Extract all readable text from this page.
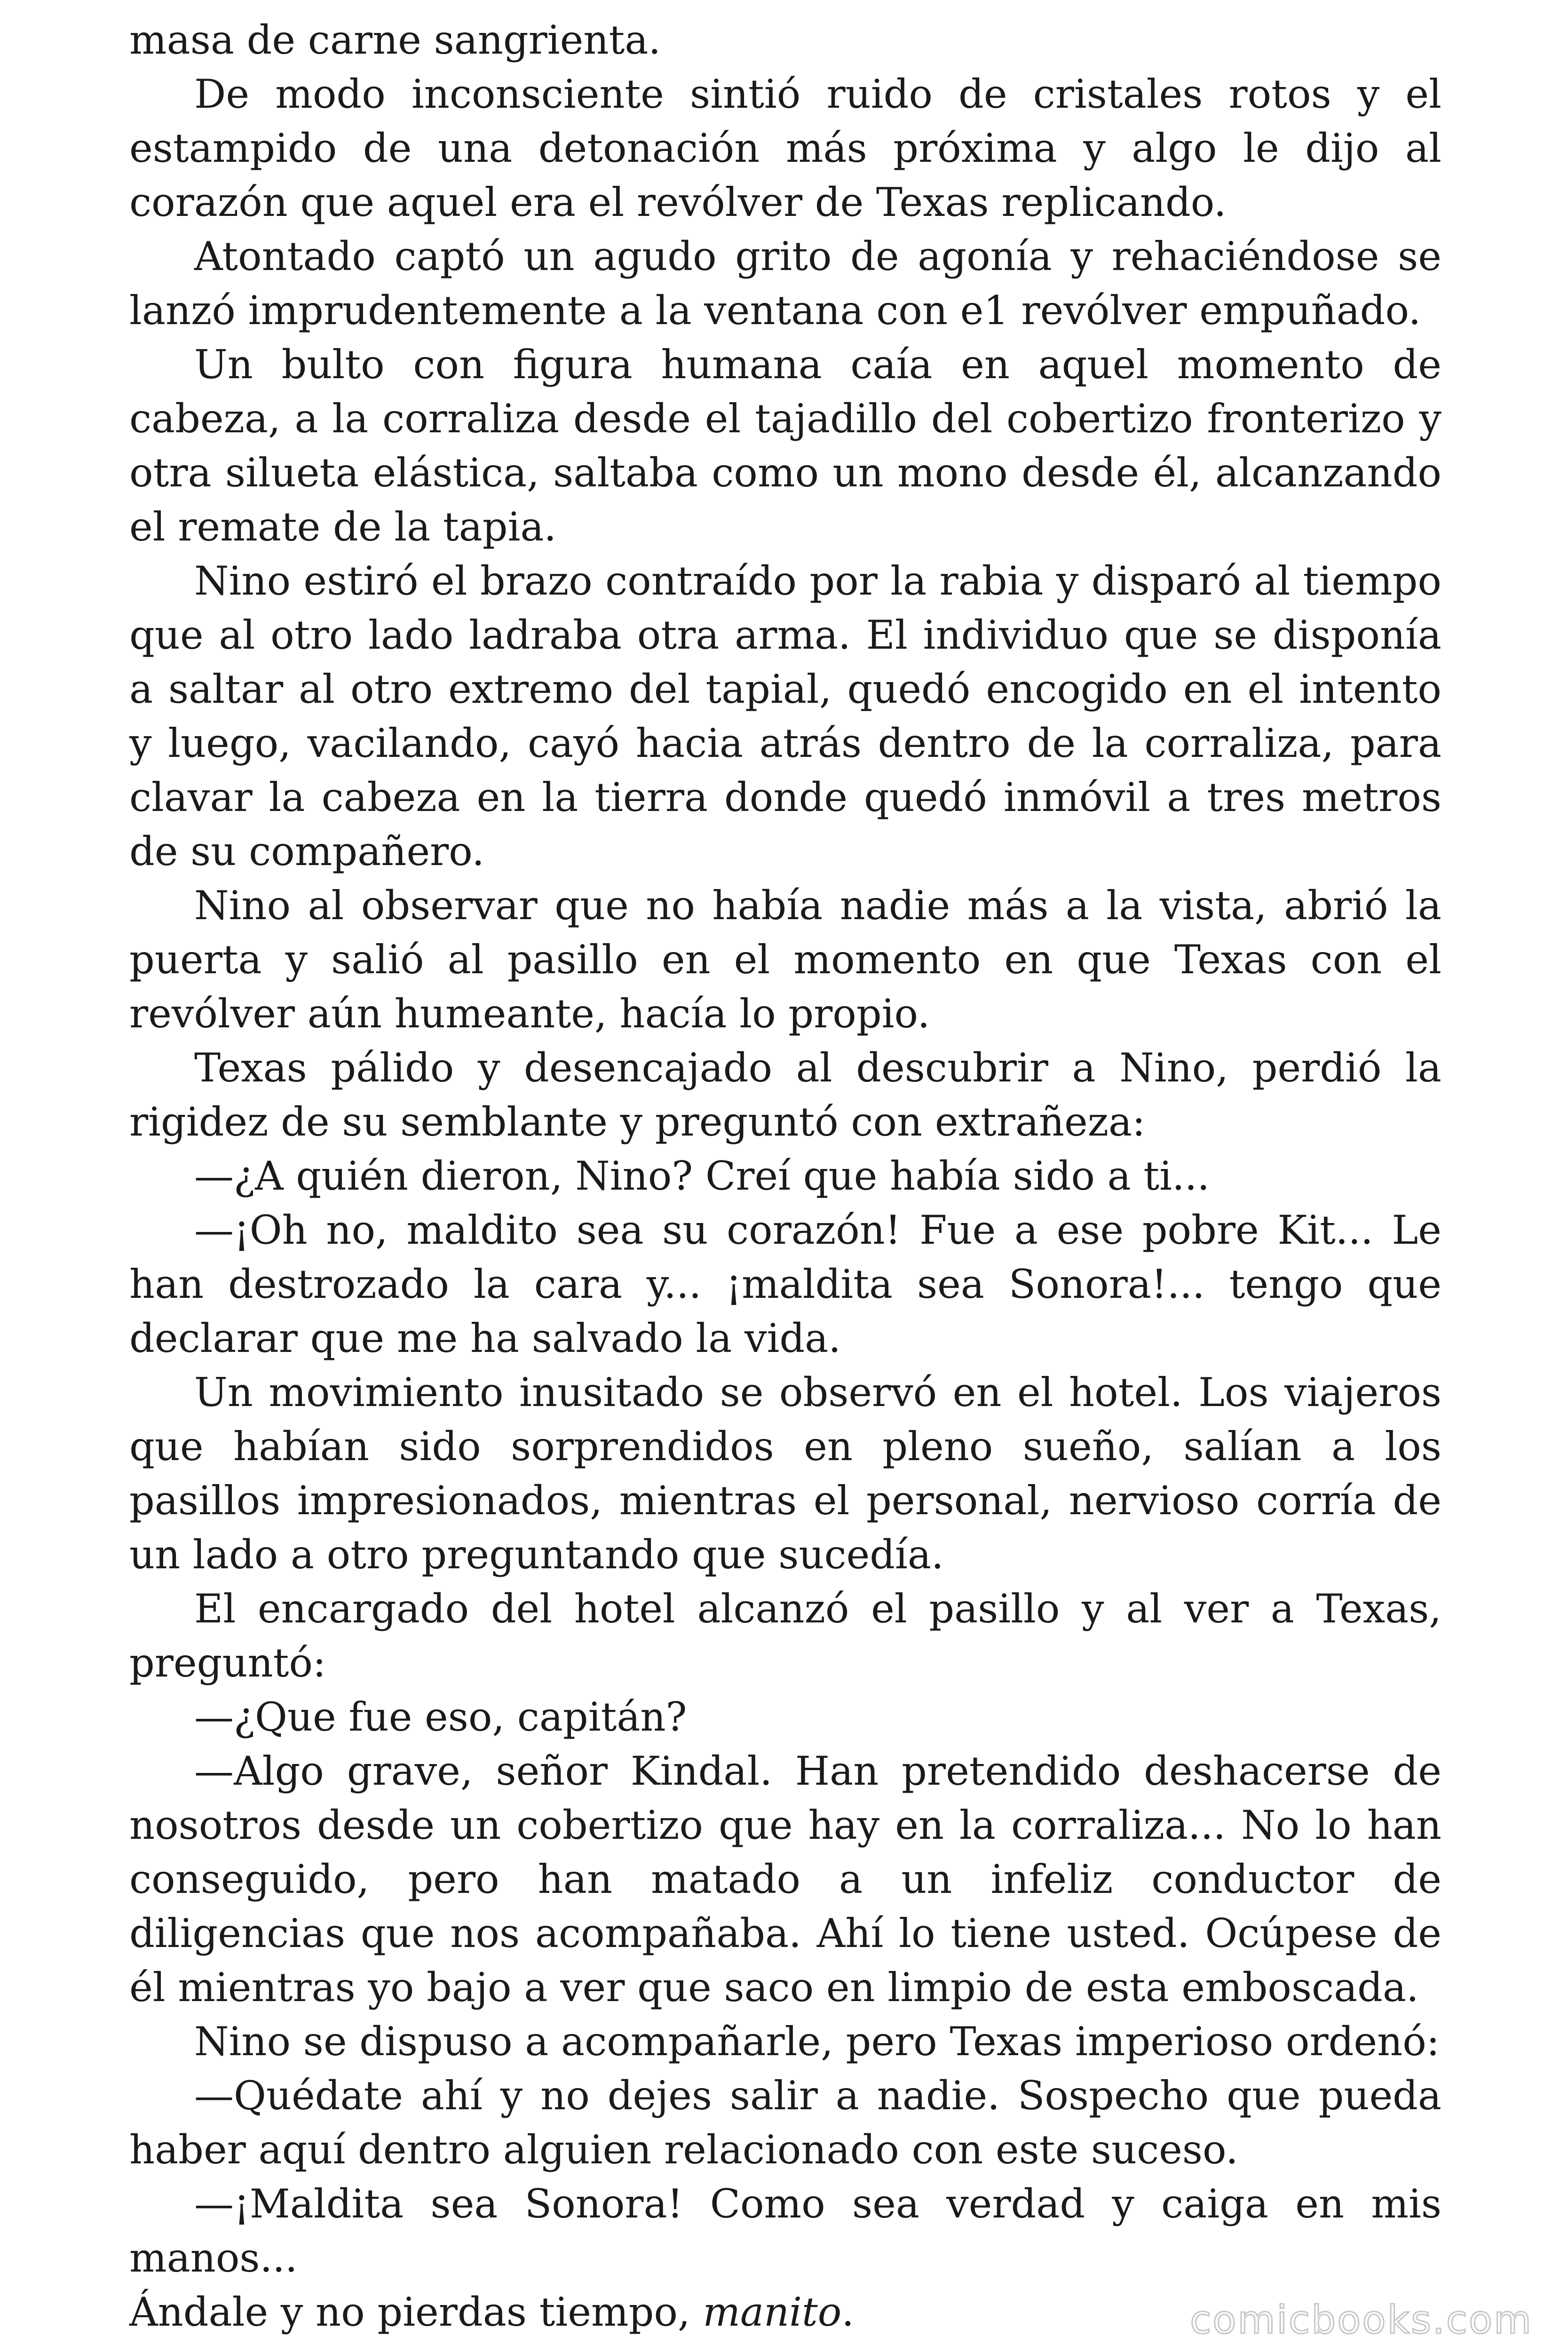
masa de carne sangrienta.

De modo inconsciente sintió ruido de cristales rotos y el estampido de una detonación más próxima y algo le dijo al corazón que aquel era el revólver de Texas replicando.

Atontado captó un agudo grito de agonía y rehaciéndose se lanzó imprudentemente a la ventana con e1 revólver empuñado.

Un bulto con figura humana caía en aquel momento de cabeza, a la corraliza desde el tajadillo del cobertizo fronterizo y otra silueta elástica, saltaba como un mono desde él, alcanzando el remate de la tapia.

Nino estiró el brazo contraído por la rabia y disparó al tiempo que al otro lado ladraba otra arma. El individuo que se disponía a saltar al otro extremo del tapial, quedó encogido en el intento y luego, vacilando, cayó hacia atrás dentro de la corraliza, para clavar la cabeza en la tierra donde quedó inmóvil a tres metros de su compañero.

Nino al observar que no había nadie más a la vista, abrió la puerta y salió al pasillo en el momento en que Texas con el revólver aún humeante, hacía lo propio.

Texas pálido y desencajado al descubrir a Nino, perdió la rigidez de su semblante y preguntó con extrañeza:

—¿A quién dieron, Nino? Creí que había sido a ti...

—¡Oh no, maldito sea su corazón! Fue a ese pobre Kit... Le han destrozado la cara y... ¡maldita sea Sonora!... tengo que declarar que me ha salvado la vida.

Un movimiento inusitado se observó en el hotel. Los viajeros que habían sido sorprendidos en pleno sueño, salían a los pasillos impresionados, mientras el personal, nervioso corría de un lado a otro preguntando que sucedía.

El encargado del hotel alcanzó el pasillo y al ver a Texas, preguntó:

—¿Que fue eso, capitán?

—Algo grave, señor Kindal. Han pretendido deshacerse de nosotros desde un cobertizo que hay en la corraliza... No lo han conseguido, pero han matado a un infeliz conductor de diligencias que nos acompañaba. Ahí lo tiene usted. Ocúpese de él mientras yo bajo a ver que saco en limpio de esta emboscada.

Nino se dispuso a acompañarle, pero Texas imperioso ordenó:

—Quédate ahí y no dejes salir a nadie. Sospecho que pueda haber aquí dentro alguien relacionado con este suceso.

—¡Maldita sea Sonora! Como sea verdad y caiga en mis manos...

Ándale y no pierdas tiempo, manito.	comicbooks.com
